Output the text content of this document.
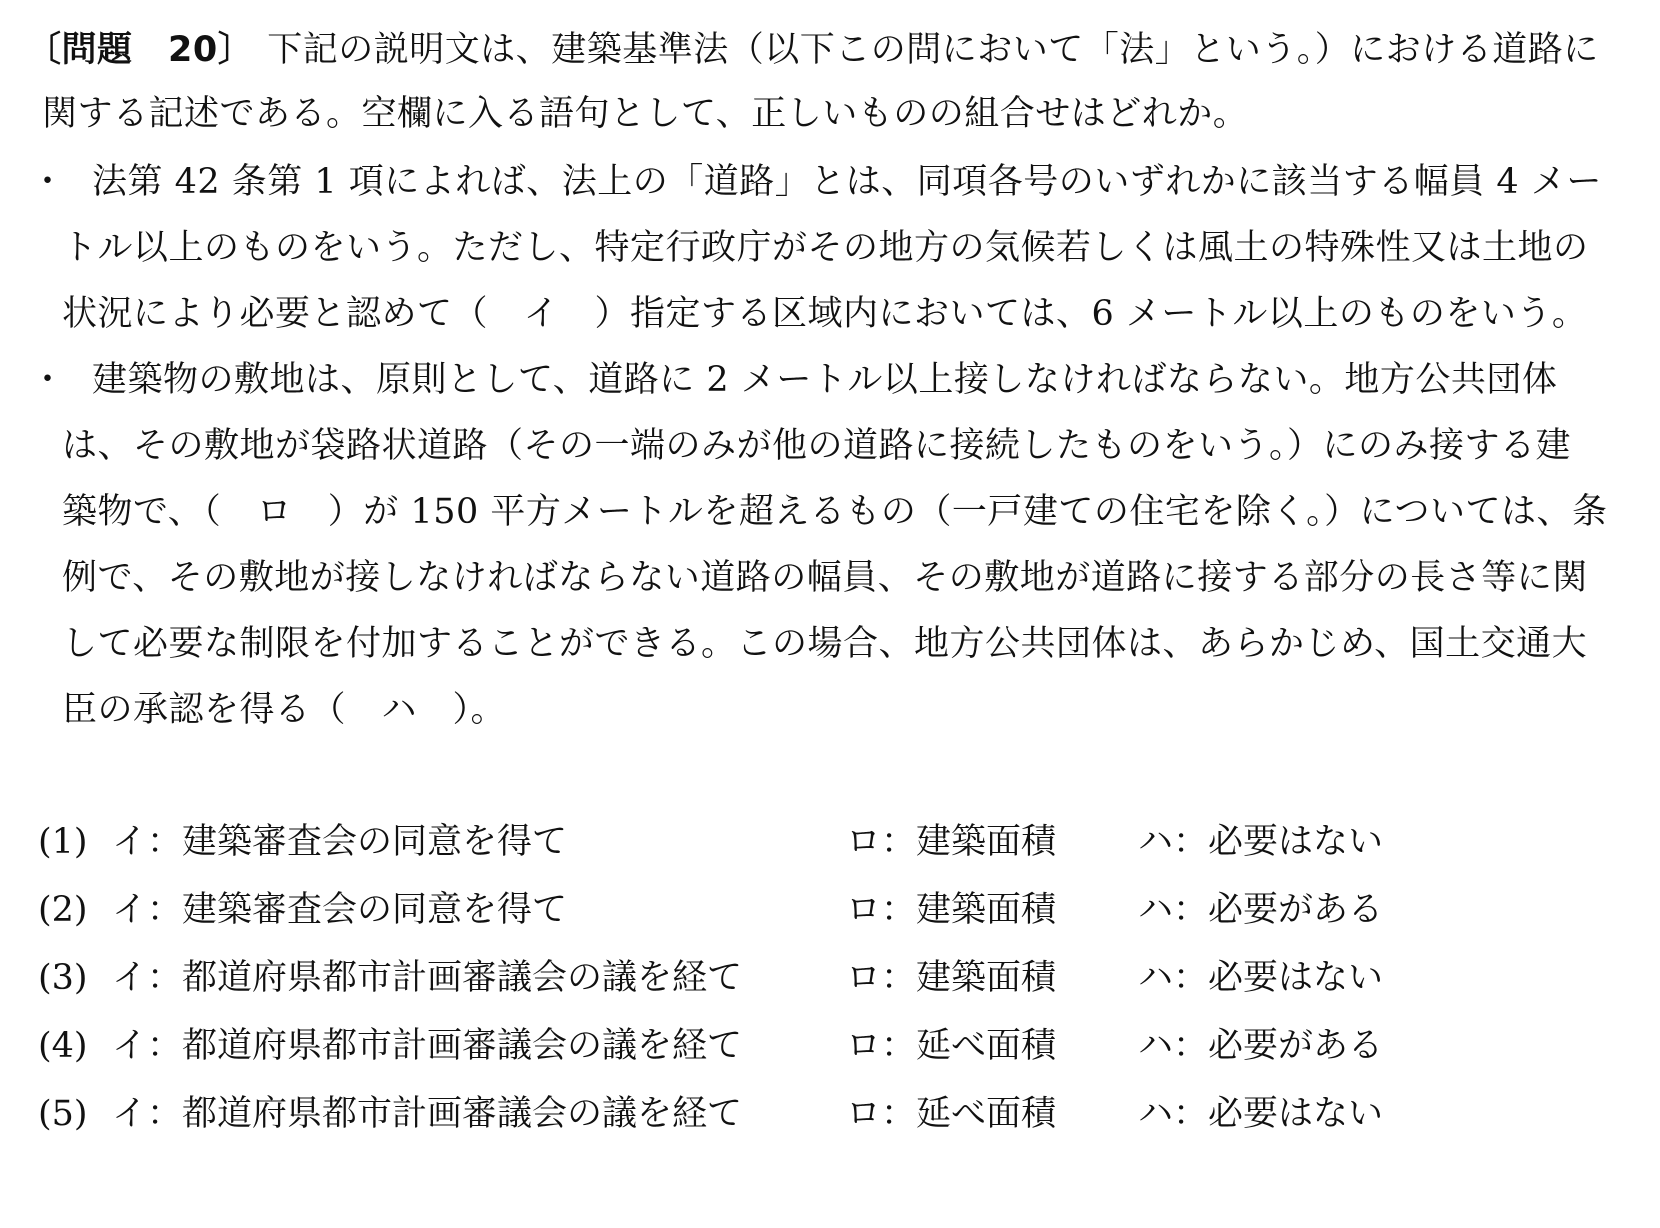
〔問題　20〕 下記の説明文は、建築基準法（以下この問において「法」という。）における道路に
関する記述である。空欄に入る語句として、正しいものの組合せはどれか。
・ 法第 42 条第 1 項によれば、法上の「道路」とは、同項各号のいずれかに該当する幅員 4 メー
トル以上のものをいう。ただし、特定行政庁がその地方の気候若しくは風土の特殊性又は土地の
状況により必要と認めて（　イ　）指定する区域内においては、6 メートル以上のものをいう。
・ 建築物の敷地は、原則として、道路に 2 メートル以上接しなければならない。地方公共団体
は、その敷地が袋路状道路（その一端のみが他の道路に接続したものをいう。）にのみ接する建
築物で、（　ロ　）が 150 平方メートルを超えるもの（一戸建ての住宅を除く。）については、条
例で、その敷地が接しなければならない道路の幅員、その敷地が道路に接する部分の長さ等に関
して必要な制限を付加することができる。この場合、地方公共団体は、あらかじめ、国土交通大
臣の承認を得る（　ハ　）。
(1) イ：建築審査会の同意を得て	ロ：建築面積 ハ：必要はない
(2) イ：建築審査会の同意を得て	ロ：建築面積 ハ：必要がある
(3) イ：都道府県都市計画審議会の議を経て	ロ：建築面積 ハ：必要はない
(4) イ：都道府県都市計画審議会の議を経て	ロ：延べ面積 ハ：必要がある
(5) イ：都道府県都市計画審議会の議を経て	ロ：延べ面積 ハ：必要はない
